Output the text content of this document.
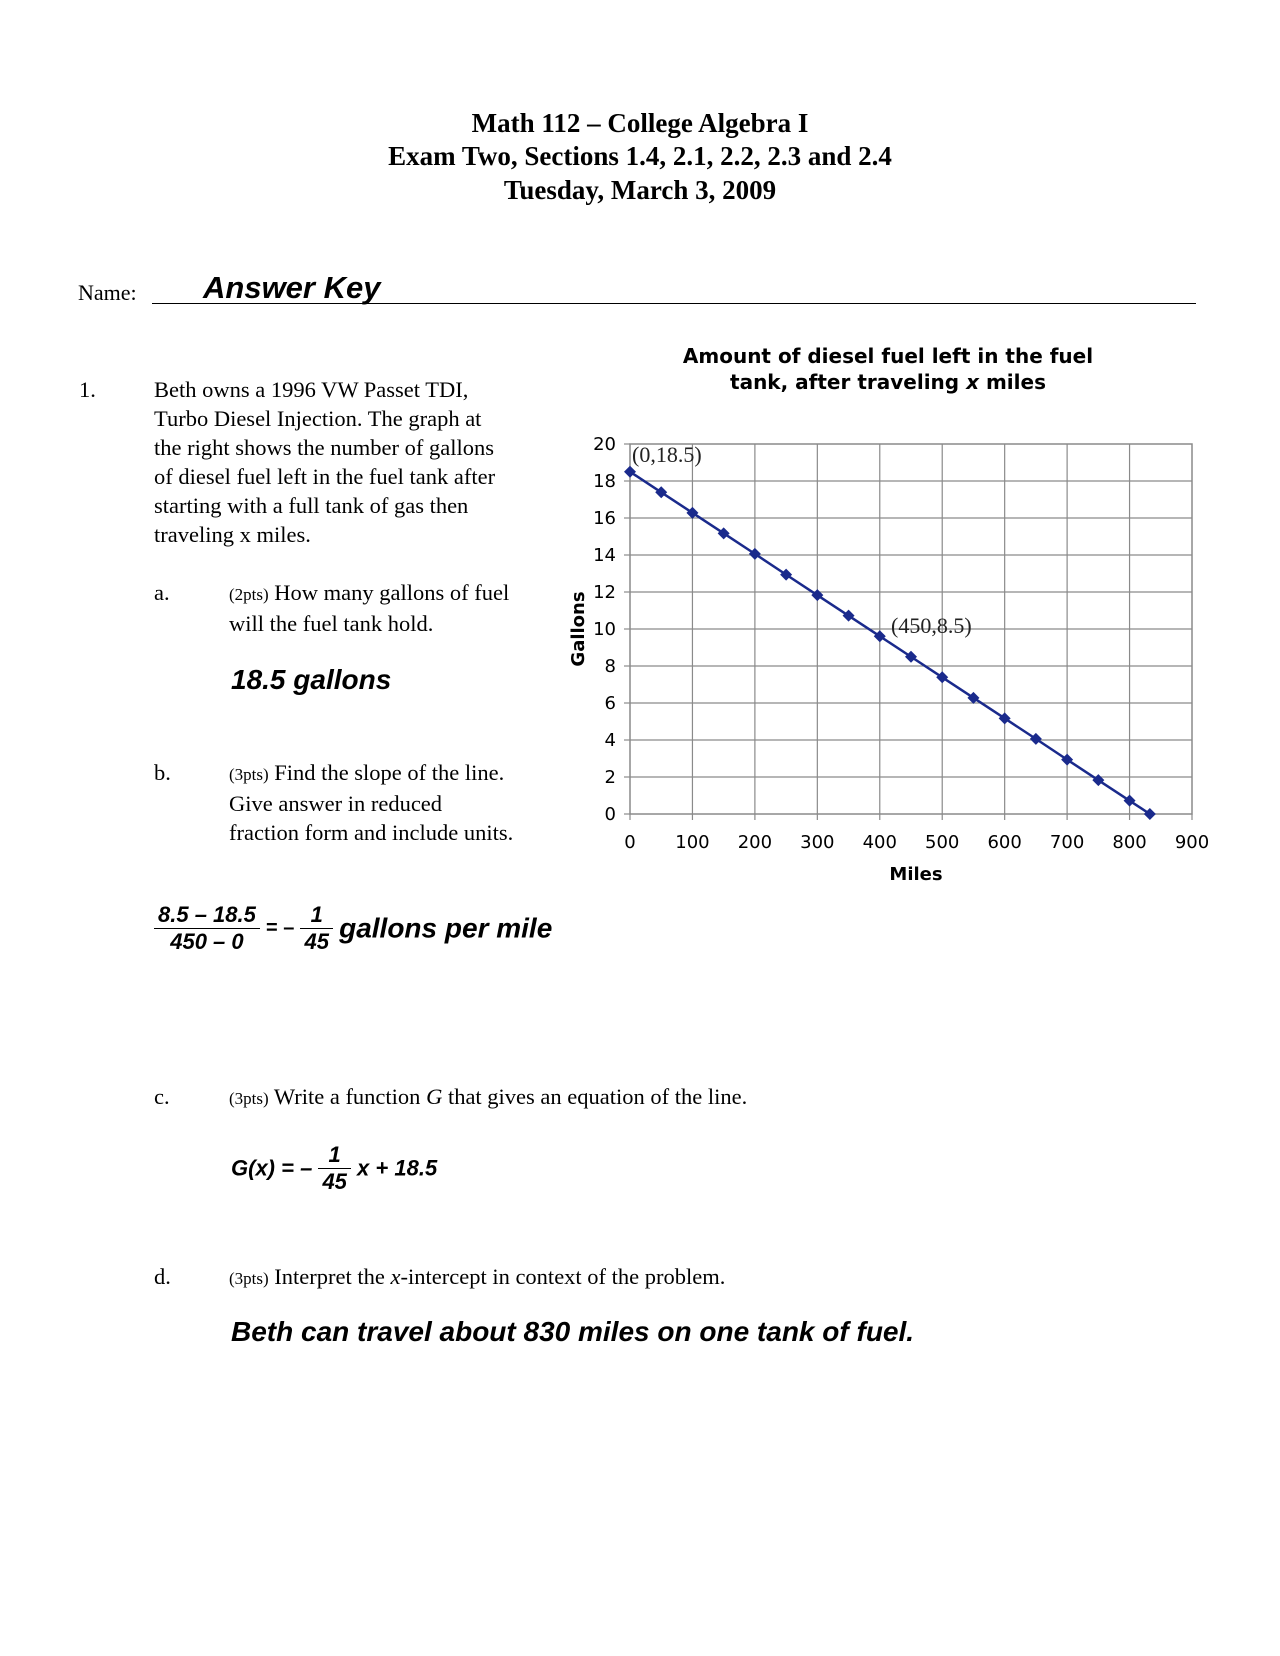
Math 112 – College Algebra I
Exam Two, Sections 1.4, 2.1, 2.2, 2.3 and 2.4
Tuesday, March 3, 2009
Name: Answer Key
1.	Beth owns a 1996 VW Passet TDI,
Turbo Diesel Injection. The graph at
the right shows the number of gallons
of diesel fuel left in the fuel tank after
starting with a full tank of gas then
traveling x miles.
a.	(2pts) How many gallons of fuel
will the fuel tank hold.
18.5 gallons
b.	(3pts) Find the slope of the line.
Give answer in reduced
fraction form and include units.
$\frac{8.5 - 18.5}{450 - 0}$ = – $\frac{1}{45}$ gallons per mile
c.	(3pts) Write a function G that gives an equation of the line.
G(x) = – $\frac{1}{45}$ x + 18.5
d.	(3pts) Interpret the x-intercept in context of the problem.
Beth can travel about 830 miles on one tank of fuel.
Amount of diesel fuel left in the fuel
tank, after traveling x miles
0 100 200 300 400 500 600 700 800 900
0
2
4
6
8
10
12
14
16
18
20 (0,18.5)
(450,8.5)
Miles
Gallons
